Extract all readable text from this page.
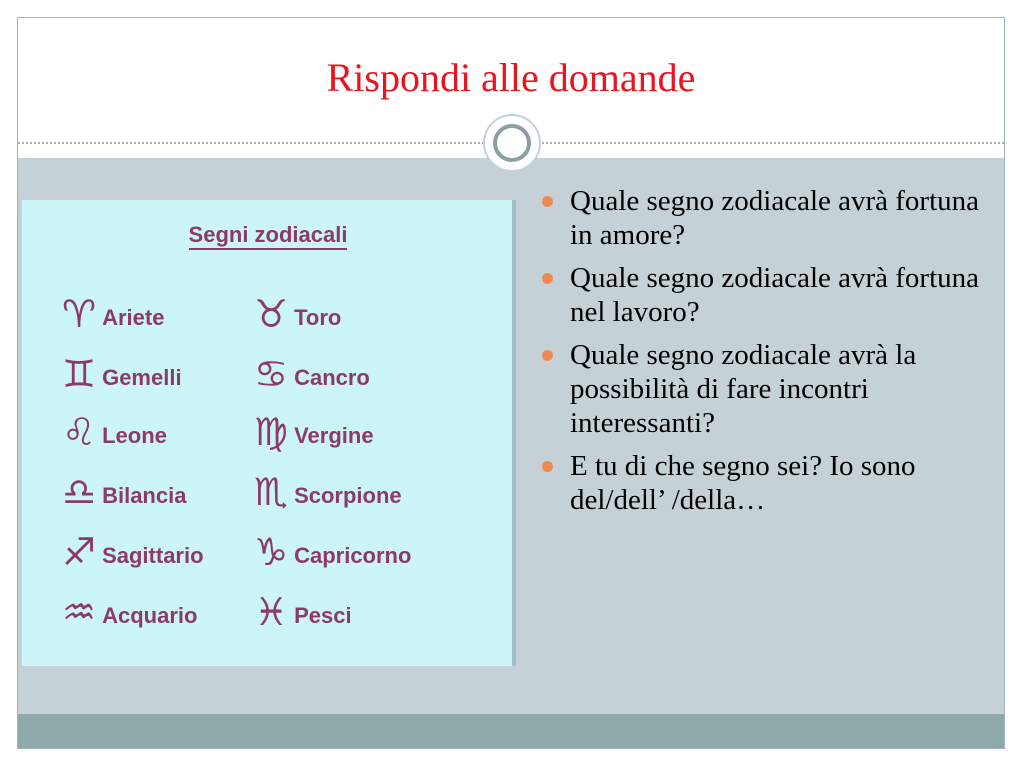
Rispondi alle domande
Segni zodiacali
♈ Ariete ♉ Toro
♊ Gemelli ♋ Cancro
♌ Leone ♍ Vergine
♎ Bilancia ♏ Scorpione
♐ Sagittario ♑ Capricorno
♒ Acquario ♓ Pesci
Quale segno zodiacale avrà fortuna in amore?
Quale segno zodiacale avrà fortuna nel lavoro?
Quale segno zodiacale avrà la possibilità di fare incontri interessanti?
E tu di che segno sei? Io sono del/dell’ /della…
